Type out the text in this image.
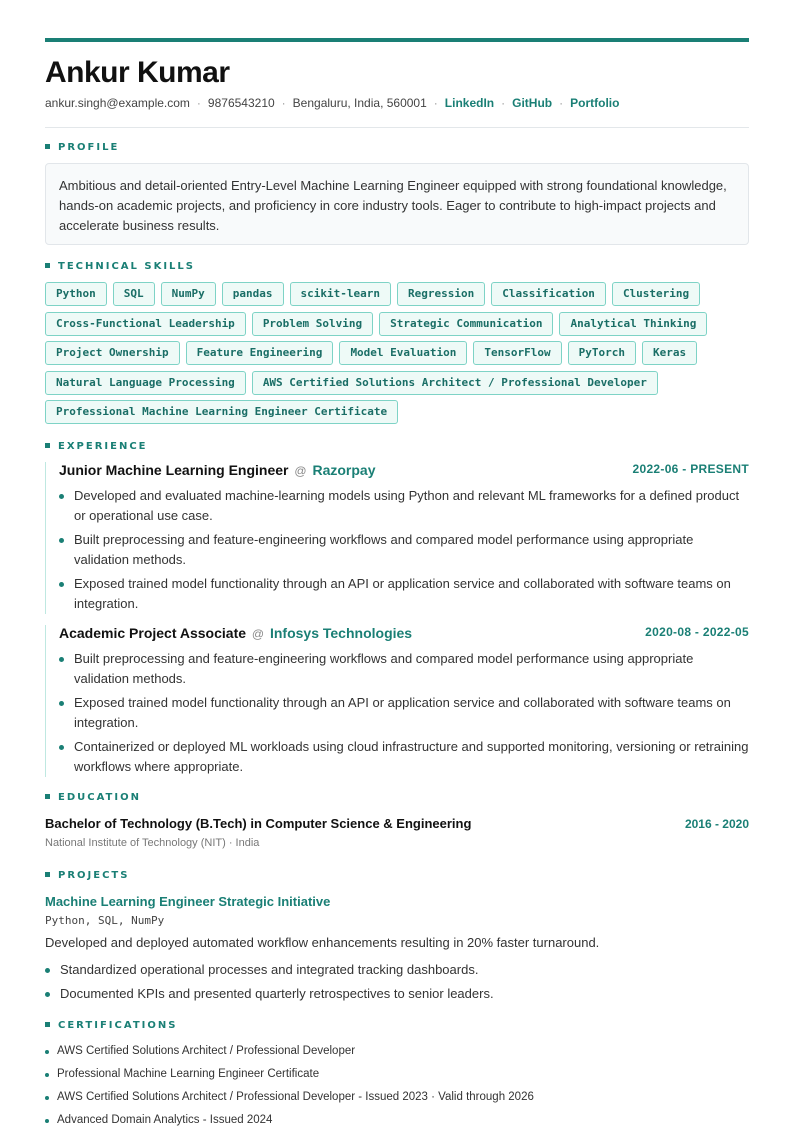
Ankur Kumar
ankur.singh@example.com · 9876543210 · Bengaluru, India, 560001 · LinkedIn · GitHub · Portfolio
PROFILE
Ambitious and detail-oriented Entry-Level Machine Learning Engineer equipped with strong foundational knowledge, hands-on academic projects, and proficiency in core industry tools. Eager to contribute to high-impact projects and accelerate business results.
TECHNICAL SKILLS
Python	SQL	NumPy	pandas	scikit-learn	Regression	Classification	Clustering
Cross-Functional Leadership	Problem Solving	Strategic Communication	Analytical Thinking
Project Ownership	Feature Engineering	Model Evaluation	TensorFlow	PyTorch	Keras
Natural Language Processing	AWS Certified Solutions Architect / Professional Developer
Professional Machine Learning Engineer Certificate
EXPERIENCE
Junior Machine Learning Engineer @ Razorpay	2022-06 - PRESENT
Developed and evaluated machine-learning models using Python and relevant ML frameworks for a defined product or operational use case.
Built preprocessing and feature-engineering workflows and compared model performance using appropriate validation methods.
Exposed trained model functionality through an API or application service and collaborated with software teams on integration.
Academic Project Associate @ Infosys Technologies	2020-08 - 2022-05
Built preprocessing and feature-engineering workflows and compared model performance using appropriate validation methods.
Exposed trained model functionality through an API or application service and collaborated with software teams on integration.
Containerized or deployed ML workloads using cloud infrastructure and supported monitoring, versioning or retraining workflows where appropriate.
EDUCATION
Bachelor of Technology (B.Tech) in Computer Science & Engineering	2016 - 2020
National Institute of Technology (NIT) · India
PROJECTS
Machine Learning Engineer Strategic Initiative
Python, SQL, NumPy
Developed and deployed automated workflow enhancements resulting in 20% faster turnaround.
Standardized operational processes and integrated tracking dashboards.
Documented KPIs and presented quarterly retrospectives to senior leaders.
CERTIFICATIONS
AWS Certified Solutions Architect / Professional Developer
Professional Machine Learning Engineer Certificate
AWS Certified Solutions Architect / Professional Developer - Issued 2023 · Valid through 2026
Advanced Domain Analytics - Issued 2024
